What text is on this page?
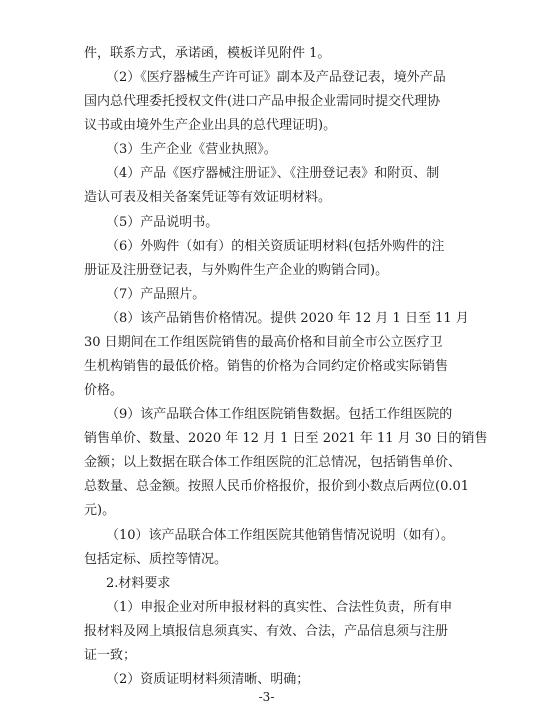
件，联系方式，承诺函，模板详见附件 1。
（2）《医疗器械生产许可证》副本及产品登记表，境外产品
国内总代理委托授权文件(进口产品申报企业需同时提交代理协
议书或由境外生产企业出具的总代理证明)。
（3）生产企业《营业执照》。
（4）产品《医疗器械注册证》、《注册登记表》和附页、制
造认可表及相关备案凭证等有效证明材料。
（5）产品说明书。
（6）外购件（如有）的相关资质证明材料(包括外购件的注
册证及注册登记表，与外购件生产企业的购销合同)。
（7）产品照片。
（8）该产品销售价格情况。提供 2020 年 12 月 1 日至 11 月
30 日期间在工作组医院销售的最高价格和目前全市公立医疗卫
生机构销售的最低价格。销售的价格为合同约定价格或实际销售
价格。
（9）该产品联合体工作组医院销售数据。包括工作组医院的
销售单价、数量、2020 年 12 月 1 日至 2021 年 11 月 30 日的销售
金额；以上数据在联合体工作组医院的汇总情况，包括销售单价、
总数量、总金额。按照人民币价格报价，报价到小数点后两位(0.01
元)。
（10）该产品联合体工作组医院其他销售情况说明（如有）。
包括定标、质控等情况。
2.材料要求
（1）申报企业对所申报材料的真实性、合法性负责，所有申
报材料及网上填报信息须真实、有效、合法，产品信息须与注册
证一致；
（2）资质证明材料须清晰、明确；
-3-
